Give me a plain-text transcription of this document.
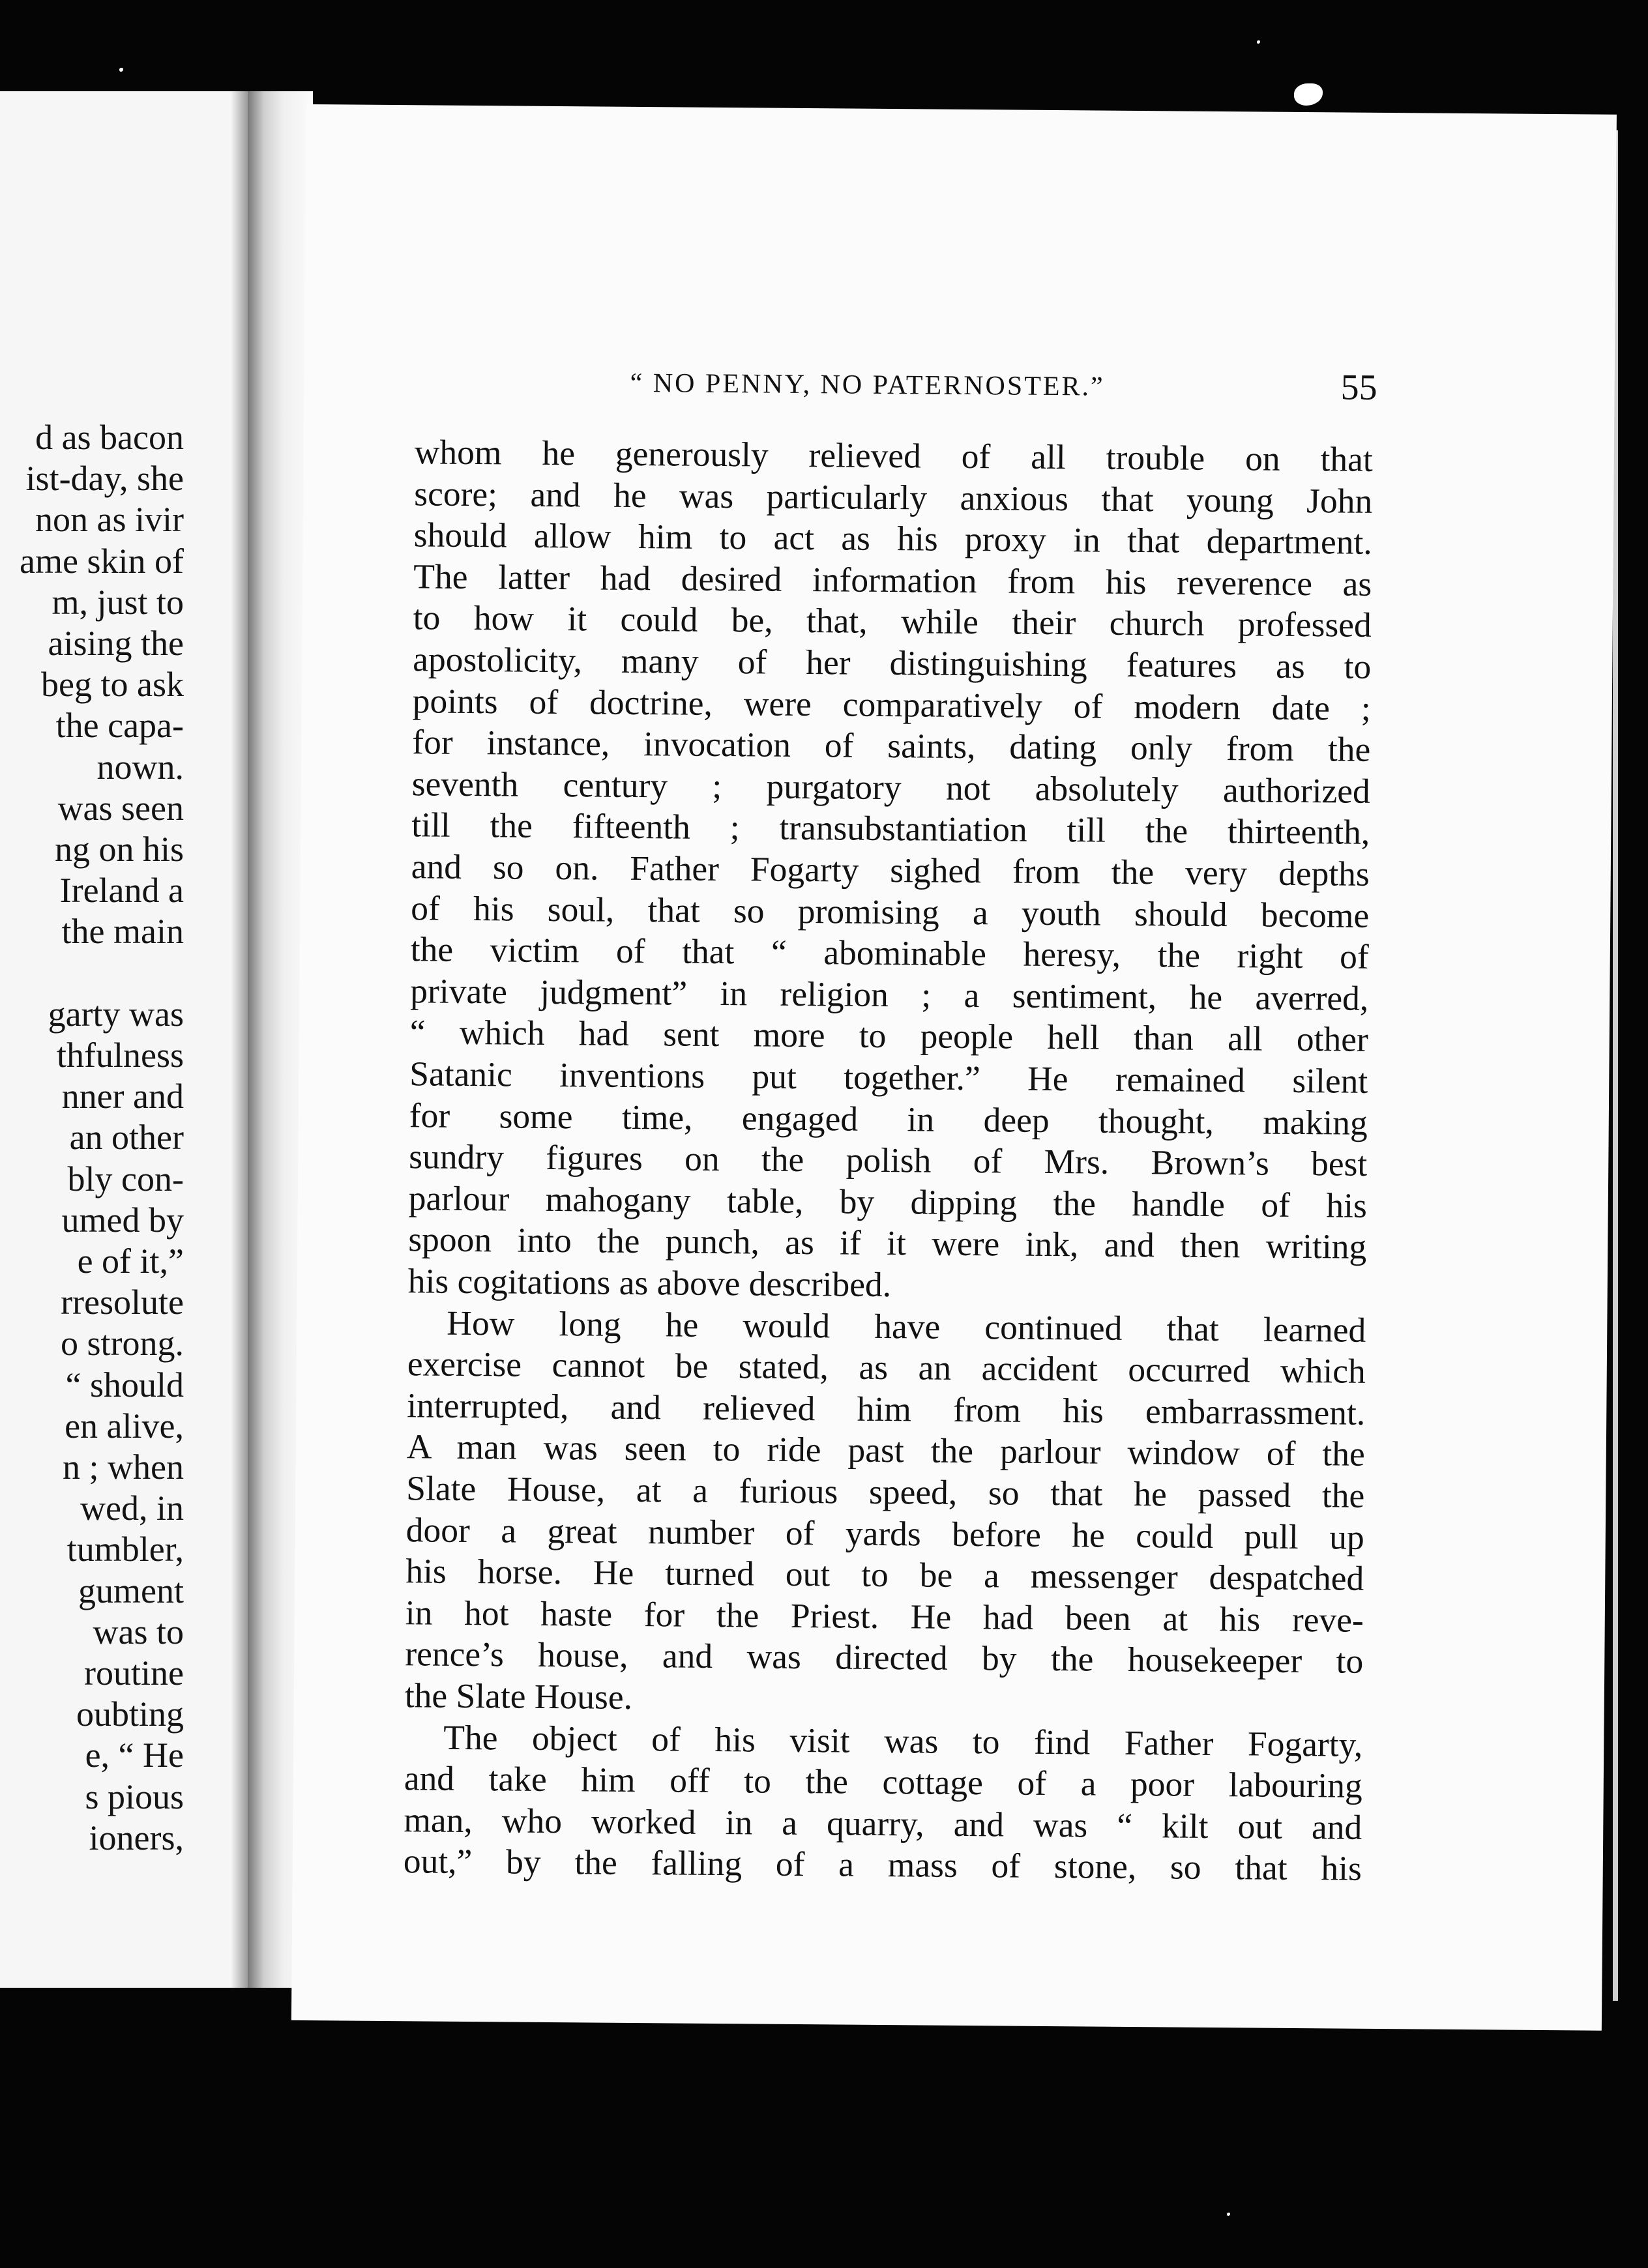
d as bacon
ist-day, she
non as ivir
ame skin of
m, just to
aising the
beg to ask
the capa-
nown.
was seen
ng on his
Ireland a
the main
garty was
thfulness
nner and
an other
bly con-
umed by
e of it,”
rresolute
o strong.
“ should
en alive,
n ; when
wed, in
tumbler,
gument
was to
routine
oubting
e, “ He
s pious
ioners,
“ NO PENNY, NO PATERNOSTER.”	55
whom he generously relieved of all trouble on that
score; and he was particularly anxious that young John
should allow him to act as his proxy in that department.
The latter had desired information from his reverence as
to how it could be, that, while their church professed
apostolicity, many of her distinguishing features as to
points of doctrine, were comparatively of modern date ;
for instance, invocation of saints, dating only from the
seventh century ; purgatory not absolutely authorized
till the fifteenth ; transubstantiation till the thirteenth,
and so on. Father Fogarty sighed from the very depths
of his soul, that so promising a youth should become
the victim of that “ abominable heresy, the right of
private judgment” in religion ; a sentiment, he averred,
“ which had sent more to people hell than all other
Satanic inventions put together.” He remained silent
for some time, engaged in deep thought, making
sundry figures on the polish of Mrs. Brown’s best
parlour mahogany table, by dipping the handle of his
spoon into the punch, as if it were ink, and then writing
his cogitations as above described.
How long he would have continued that learned
exercise cannot be stated, as an accident occurred which
interrupted, and relieved him from his embarrassment.
A man was seen to ride past the parlour window of the
Slate House, at a furious speed, so that he passed the
door a great number of yards before he could pull up
his horse. He turned out to be a messenger despatched
in hot haste for the Priest. He had been at his reve-
rence’s house, and was directed by the housekeeper to
the Slate House.
The object of his visit was to find Father Fogarty,
and take him off to the cottage of a poor labouring
man, who worked in a quarry, and was “ kilt out and
out,” by the falling of a mass of stone, so that his
